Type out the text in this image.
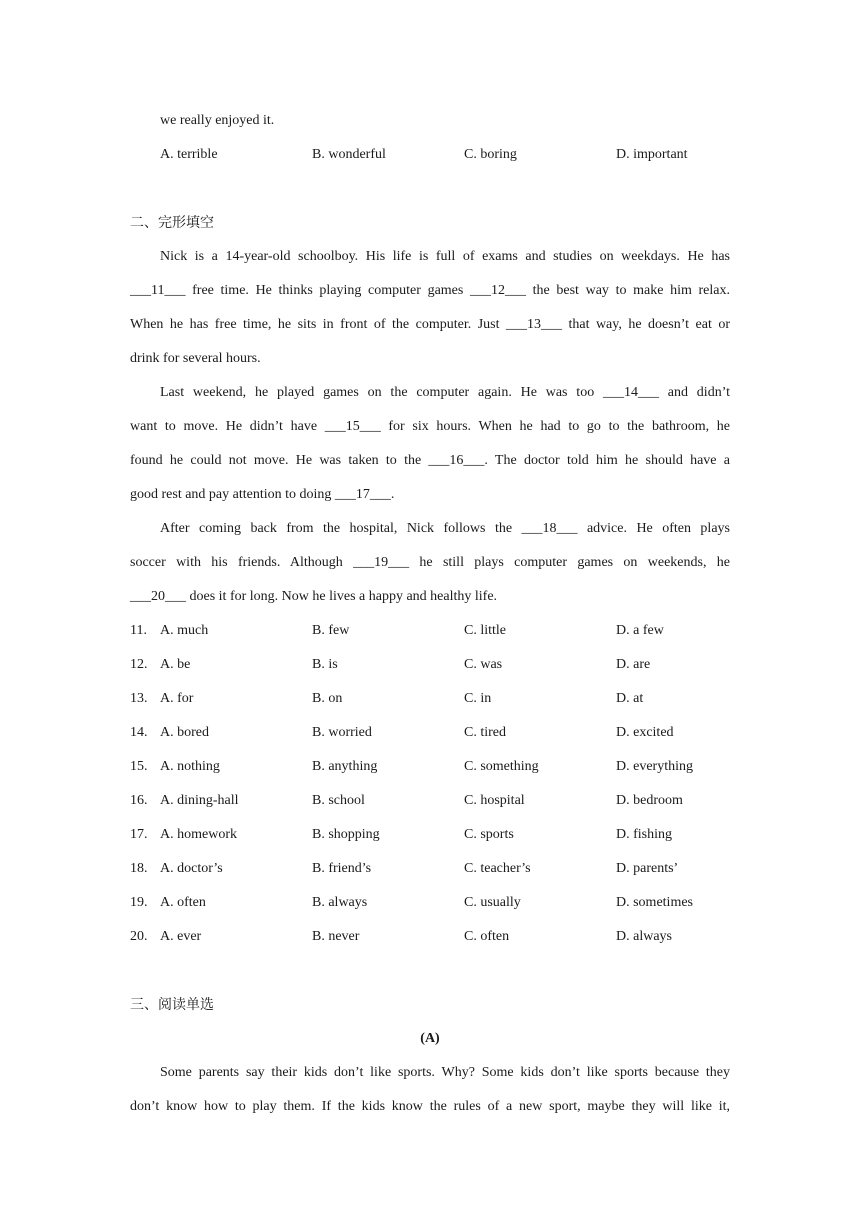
we really enjoyed it.
A. terrible	B. wonderful	C. boring	D. important
二、完形填空
Nick is a 14-year-old schoolboy. His life is full of exams and studies on weekdays. He has
___11___ free time. He thinks playing computer games ___12___ the best way to make him relax.
When he has free time, he sits in front of the computer. Just ___13___ that way, he doesn’t eat or
drink for several hours.
Last weekend, he played games on the computer again. He was too ___14___ and didn’t
want to move. He didn’t have ___15___ for six hours. When he had to go to the bathroom, he
found he could not move. He was taken to the ___16___. The doctor told him he should have a
good rest and pay attention to doing ___17___.
After coming back from the hospital, Nick follows the ___18___ advice. He often plays
soccer with his friends. Although ___19___ he still plays computer games on weekends, he
___20___ does it for long. Now he lives a happy and healthy life.
11. A. much	B. few	C. little	D. a few
12. A. be	B. is	C. was	D. are
13. A. for	B. on	C. in	D. at
14. A. bored	B. worried	C. tired	D. excited
15. A. nothing	B. anything	C. something	D. everything
16. A. dining-hall	B. school	C. hospital	D. bedroom
17. A. homework	B. shopping	C. sports	D. fishing
18. A. doctor’s	B. friend’s	C. teacher’s	D. parents’
19. A. often	B. always	C. usually	D. sometimes
20. A. ever	B. never	C. often	D. always
三、阅读单选
(A)
Some parents say their kids don’t like sports. Why? Some kids don’t like sports because they
don’t know how to play them. If the kids know the rules of a new sport, maybe they will like it,
